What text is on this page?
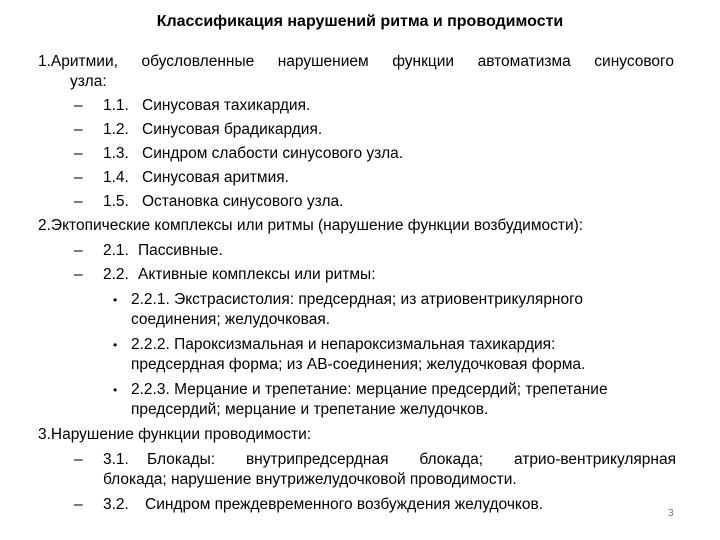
Классификация нарушений ритма и проводимости
1.Аритмии, обусловленные нарушением функции автоматизма синусового
узла:
– 1.1. Синусовая тахикардия.
– 1.2. Синусовая брадикардия.
– 1.3. Синдром слабости синусового узла.
– 1.4. Синусовая аритмия.
– 1.5. Остановка синусового узла.
2.Эктопические комплексы или ритмы (нарушение функции возбудимости):
– 2.1. Пассивные.
– 2.2. Активные комплексы или ритмы:
• 2.2.1. Экстрасистолия: предсердная; из атриовентрикулярного
соединения; желудочковая.
• 2.2.2. Пароксизмальная и непароксизмальная тахикардия:
предсердная форма; из АВ-соединения; желудочковая форма.
• 2.2.3. Мерцание и трепетание: мерцание предсердий; трепетание
предсердий; мерцание и трепетание желудочков.
3.Нарушение функции проводимости:
– 3.1. Блокады: внутрипредсердная блокада; атрио-вентрикулярная
блокада; нарушение внутрижелудочковой проводимости.
– 3.2. Синдром преждевременного возбуждения желудочков.
3
